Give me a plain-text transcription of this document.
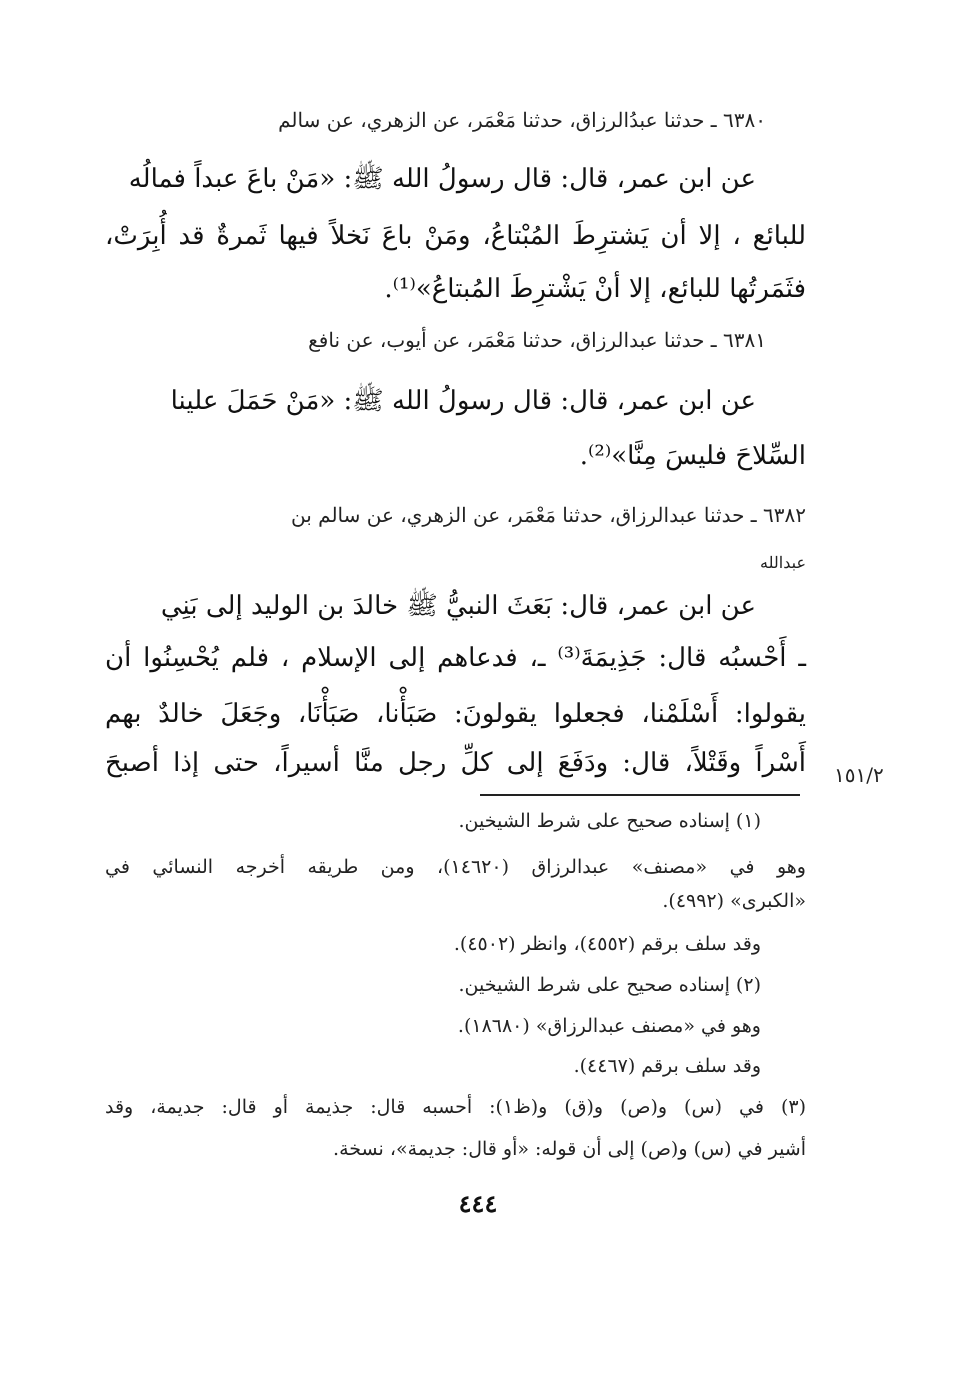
٦٣٨٠ ـ حدثنا عبدُالرزاق، حدثنا مَعْمَر، عن الزهري، عن سالم
عن ابن عمر، قال: قال رسولُ الله ﷺ: «مَنْ باعَ عبداً فمالُه
للبائع ، إلا أن يَشترِطَ المُبْتاعُ، ومَنْ باعَ نَخلاً فيها ثَمرةٌ قد أُبِرَتْ،
فثَمَرتُها للبائع، إلا أنْ يَشْترِطَ المُبتاعُ»⁽¹⁾.
٦٣٨١ ـ حدثنا عبدالرزاق، حدثنا مَعْمَر، عن أيوب، عن نافع
عن ابن عمر، قال: قال رسولُ الله ﷺ: «مَنْ حَمَلَ علينا
السِّلاحَ فليسَ مِنَّا»⁽²⁾.
٦٣٨٢ ـ حدثنا عبدالرزاق، حدثنا مَعْمَر، عن الزهري، عن سالم بن
عبدالله
عن ابن عمر، قال: بَعَثَ النبيُّ ﷺ خالدَ بن الوليد إلى بَنِي
ـ أَحْسبُه قال: جَذِيمَةَ⁽³⁾ ـ، فدعاهم إلى الإسلام ، فلم يُحْسِنُوا أن
يقولوا: أَسْلَمْنا، فجعلوا يقولونَ: صَبَأْنا، صَبَأْنَا، وجَعَلَ خالدٌ بهم
أَسْراً وقَتْلاً، قال: ودَفَعَ إلى كلِّ رجل منَّا أسيراً، حتى إذا أصبحَ ١٥١/٢
(١) إسناده صحيح على شرط الشيخين.
وهو في «مصنف» عبدالرزاق (١٤٦٢٠)، ومن طريقه أخرجه النسائي في
«الكبرى» (٤٩٩٢).
وقد سلف برقم (٤٥٥٢)، وانظر (٤٥٠٢).
(٢) إسناده صحيح على شرط الشيخين.
وهو في «مصنف عبدالرزاق» (١٨٦٨٠).
وقد سلف برقم (٤٤٦٧).
(٣) في (س) و(ص) و(ق) و(ظ١): أحسبه قال: جذيمة أو قال: جديمة، وقد
أشير في (س) و(ص) إلى أن قوله: «أو قال: جديمة»، نسخة.
٤٤٤
